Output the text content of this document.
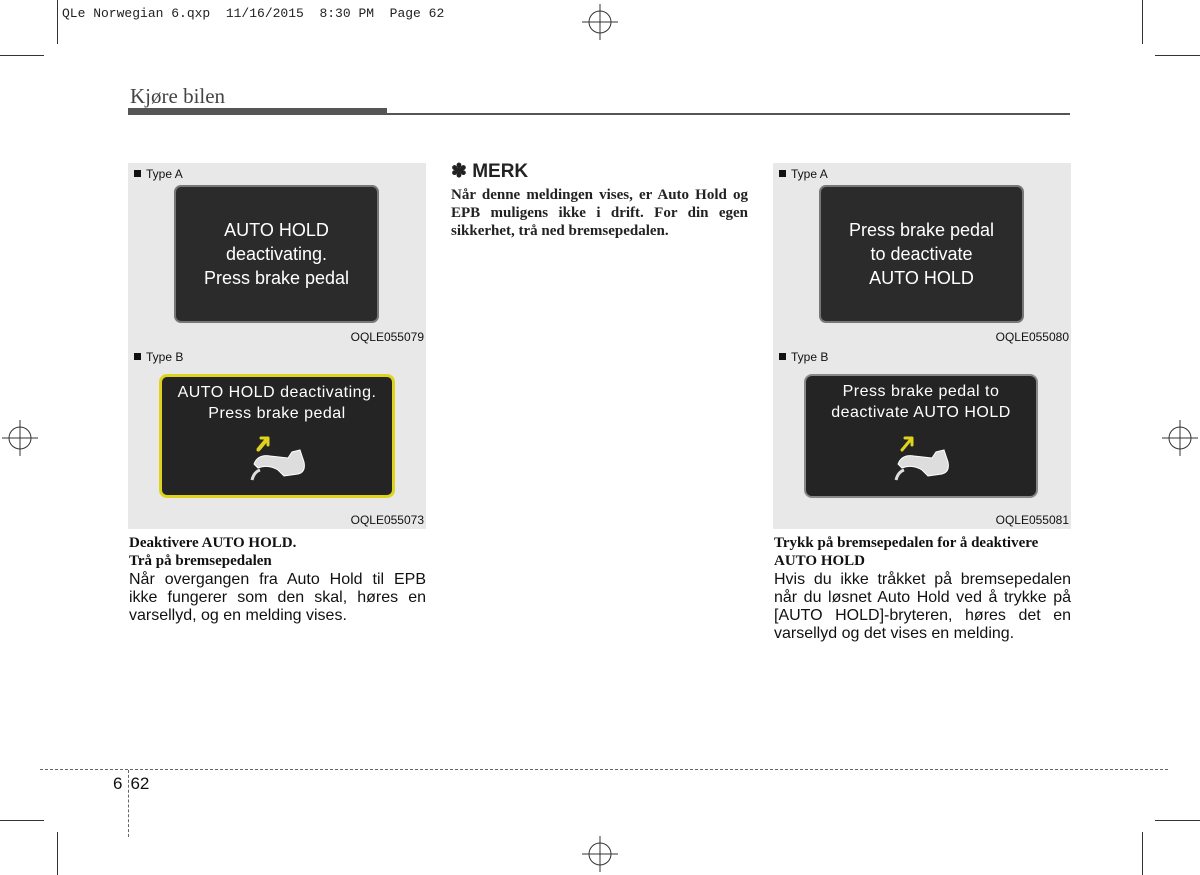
QLe Norwegian 6.qxp  11/16/2015  8:30 PM  Page 62
Kjøre bilen
Type A
AUTO HOLD
deactivating.
Press brake pedal
OQLE055079
Type B
AUTO HOLD deactivating.
Press brake pedal
OQLE055073
Deaktivere AUTO HOLD.
Trå på bremsepedalen
Når overgangen fra Auto Hold til EPB ikke fungerer som den skal, høres en varsellyd, og en melding vises.
✽ MERK
Når denne meldingen vises, er Auto Hold og EPB muligens ikke i drift. For din egen sikkerhet, trå ned bremsepedalen.
Type A
Press brake pedal
to deactivate
AUTO HOLD
OQLE055080
Type B
Press brake pedal to
deactivate AUTO HOLD
OQLE055081
Trykk på bremsepedalen for å deaktivere
AUTO HOLD
Hvis du ikke tråkket på bremsepedalen når du løsnet Auto Hold ved å trykke på [AUTO HOLD]-bryteren, høres det en varsellyd og det vises en melding.
6 62
